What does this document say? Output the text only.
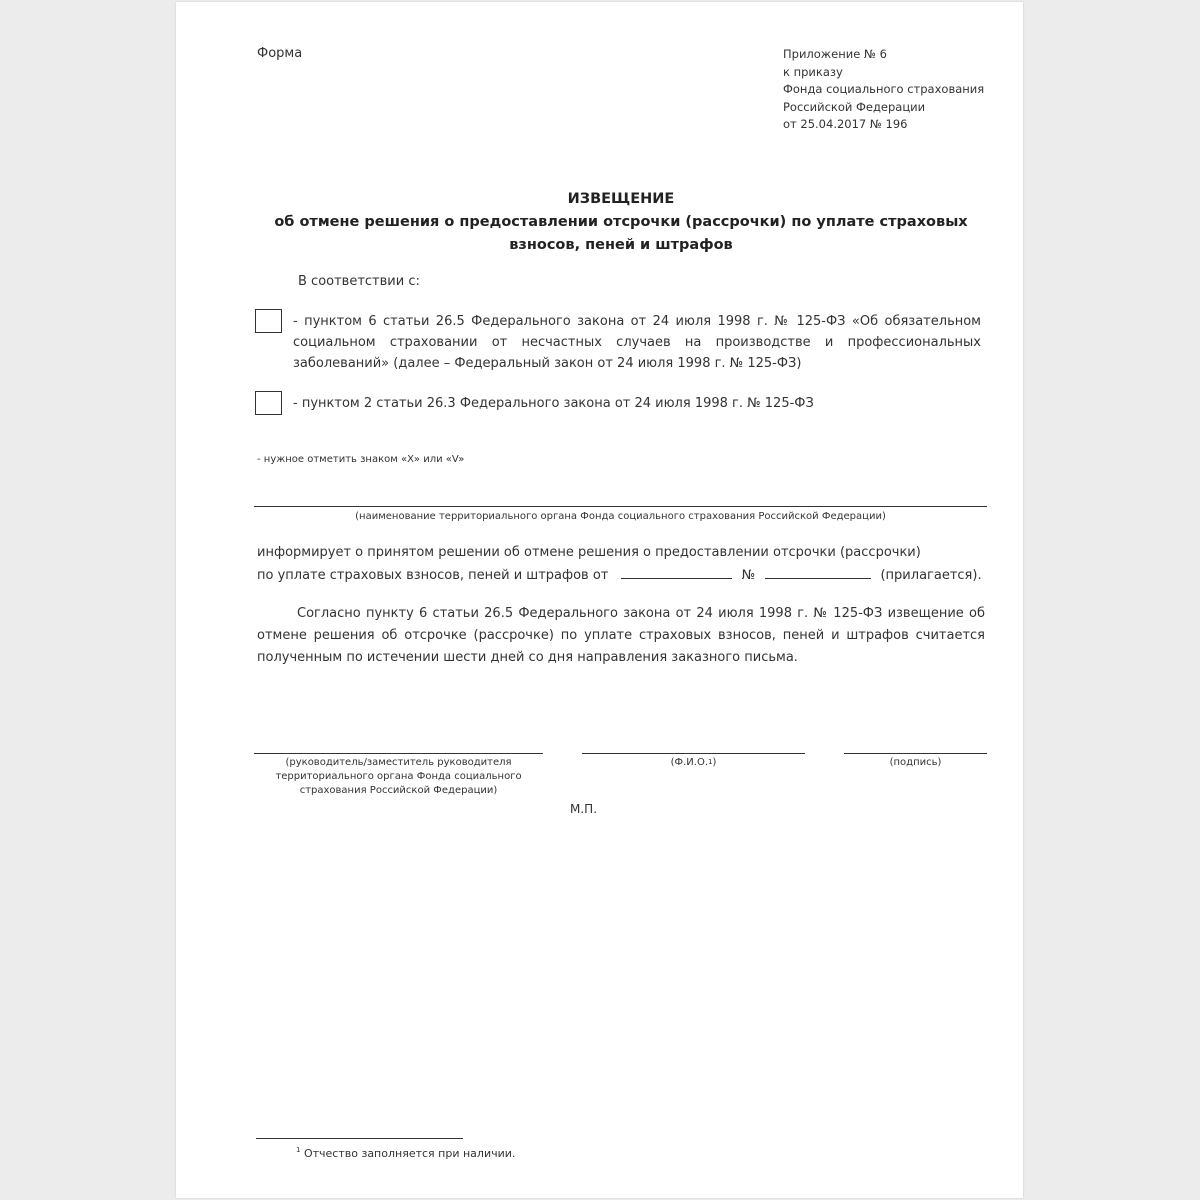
Форма	Приложение № 6
к приказу
Фонда социального страхования
Российской Федерации
от 25.04.2017 № 196
ИЗВЕЩЕНИЕ
об отмене решения о предоставлении отсрочки (рассрочки) по уплате страховых
взносов, пеней и штрафов
В соответствии с:
- пунктом 6 статьи 26.5 Федерального закона от 24 июля 1998 г. № 125-ФЗ «Об обязательном социальном страховании от несчастных случаев на производстве и профессиональных заболеваний» (далее – Федеральный закон от 24 июля 1998 г. № 125-ФЗ)
- пунктом 2 статьи 26.3 Федерального закона от 24 июля 1998 г. № 125-ФЗ
- нужное отметить знаком «X» или «V»
(наименование территориального органа Фонда социального страхования Российской Федерации)
информирует о принятом решении об отмене решения о предоставлении отсрочки (рассрочки)
по уплате страховых взносов, пеней и штрафов от	№	(прилагается).
Согласно пункту 6 статьи 26.5 Федерального закона от 24 июля 1998 г. № 125-ФЗ извещение об отмене решения об отсрочке (рассрочке) по уплате страховых взносов, пеней и штрафов считается полученным по истечении шести дней со дня направления заказного письма.
(руководитель/заместитель руководителя территориального органа Фонда социального страхования Российской Федерации)
(Ф.И.О.$^1$)	(подпись)
М.П.
$^1$ Отчество заполняется при наличии.
